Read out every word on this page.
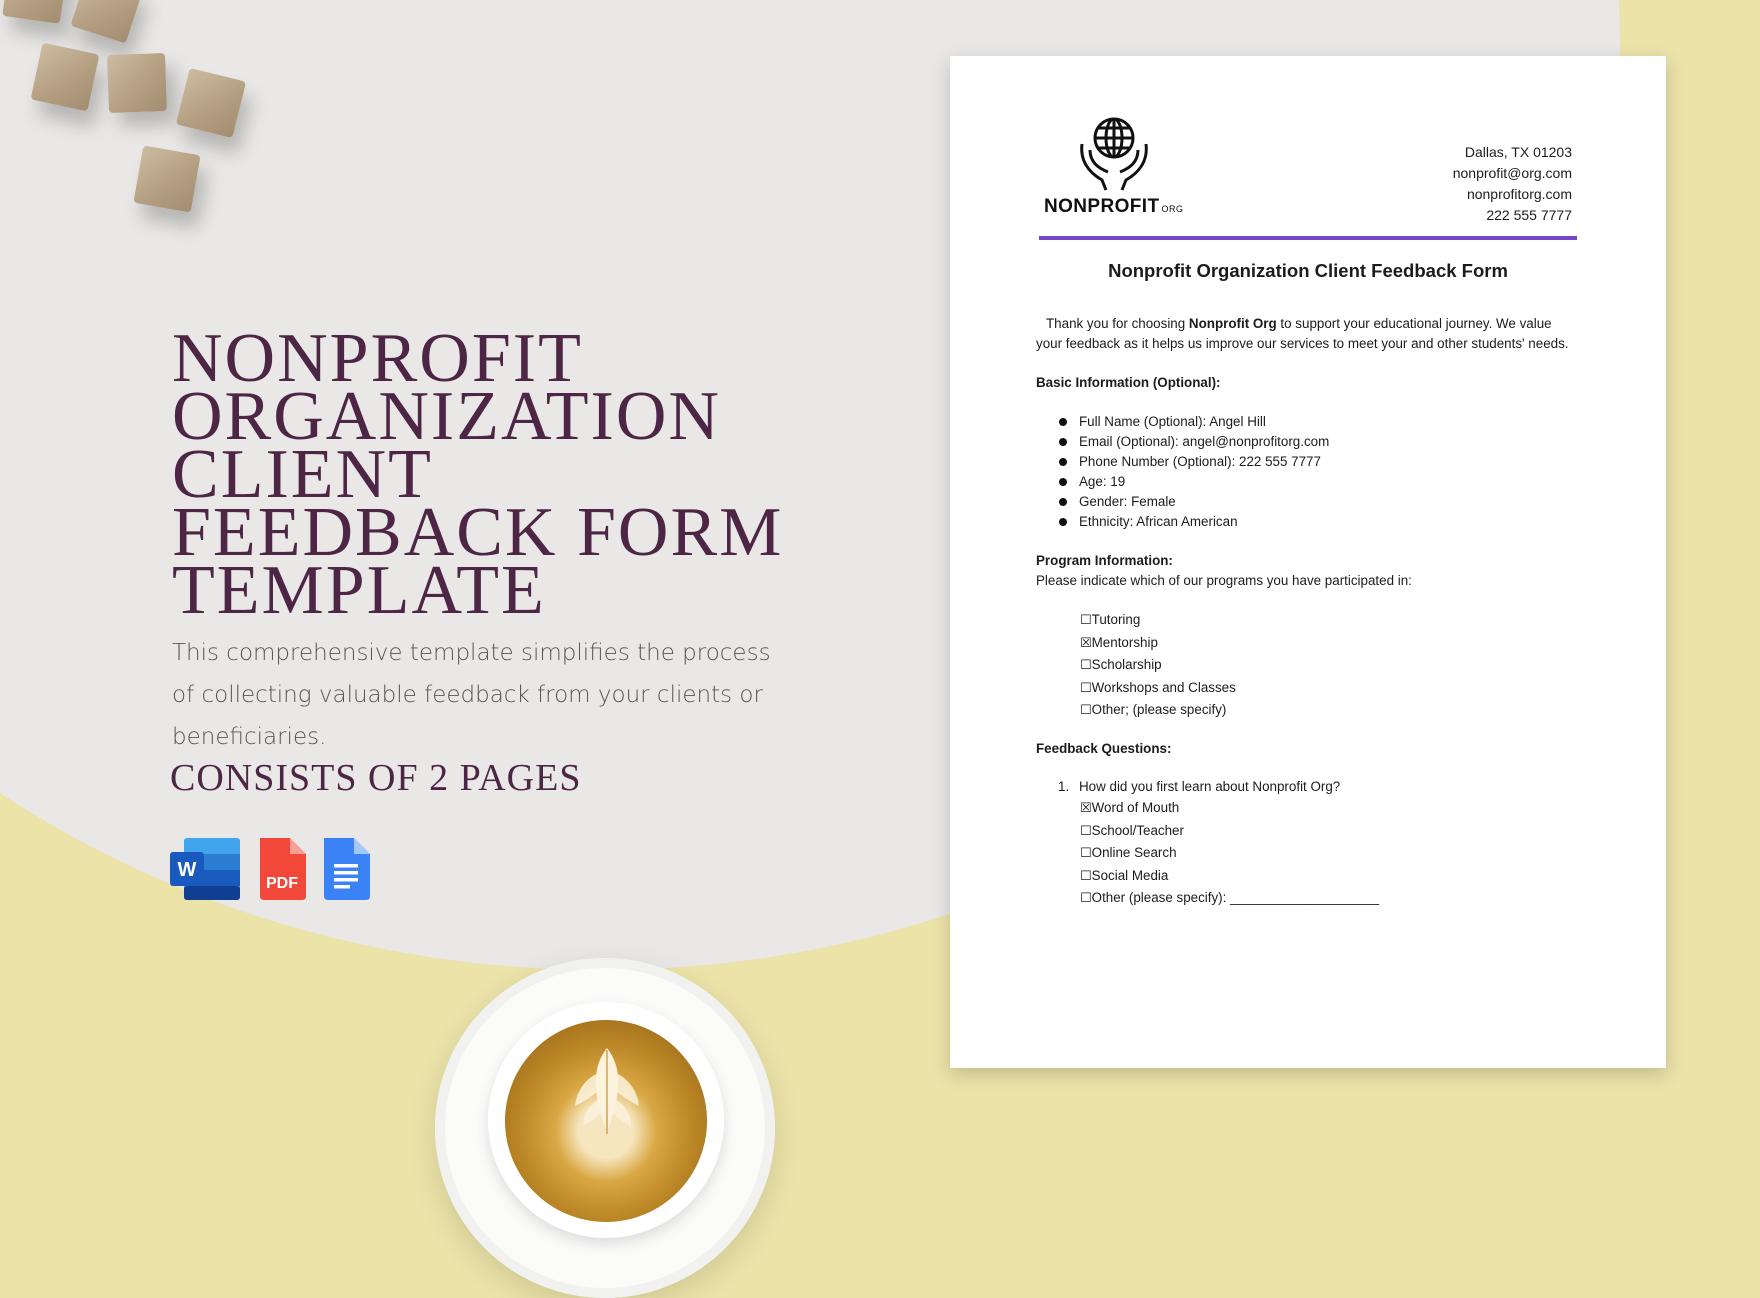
NONPROFIT
ORGANIZATION
CLIENT
FEEDBACK FORM
TEMPLATE

This comprehensive template simplifies the process of collecting valuable feedback from your clients or beneficiaries.

CONSISTS OF 2 PAGES

W
PDF
NONPROFIT ORG
Dallas, TX 01203
nonprofit@org.com
nonprofitorg.com
222 555 7777
Nonprofit Organization Client Feedback Form

Thank you for choosing Nonprofit Org to support your educational journey. We value your feedback as it helps us improve our services to meet your and other students' needs.

Basic Information (Optional):

Full Name (Optional): Angel Hill
Email (Optional): angel@nonprofitorg.com
Phone Number (Optional): 222 555 7777
Age: 19
Gender: Female
Ethnicity: African American

Program Information:

Please indicate which of our programs you have participated in:

☐Tutoring
☒Mentorship
☐Scholarship
☐Workshops and Classes
☐Other; (please specify)

Feedback Questions:

1. How did you first learn about Nonprofit Org?

☒Word of Mouth
☐School/Teacher
☐Online Search
☐Social Media
☐Other (please specify): ____________________
